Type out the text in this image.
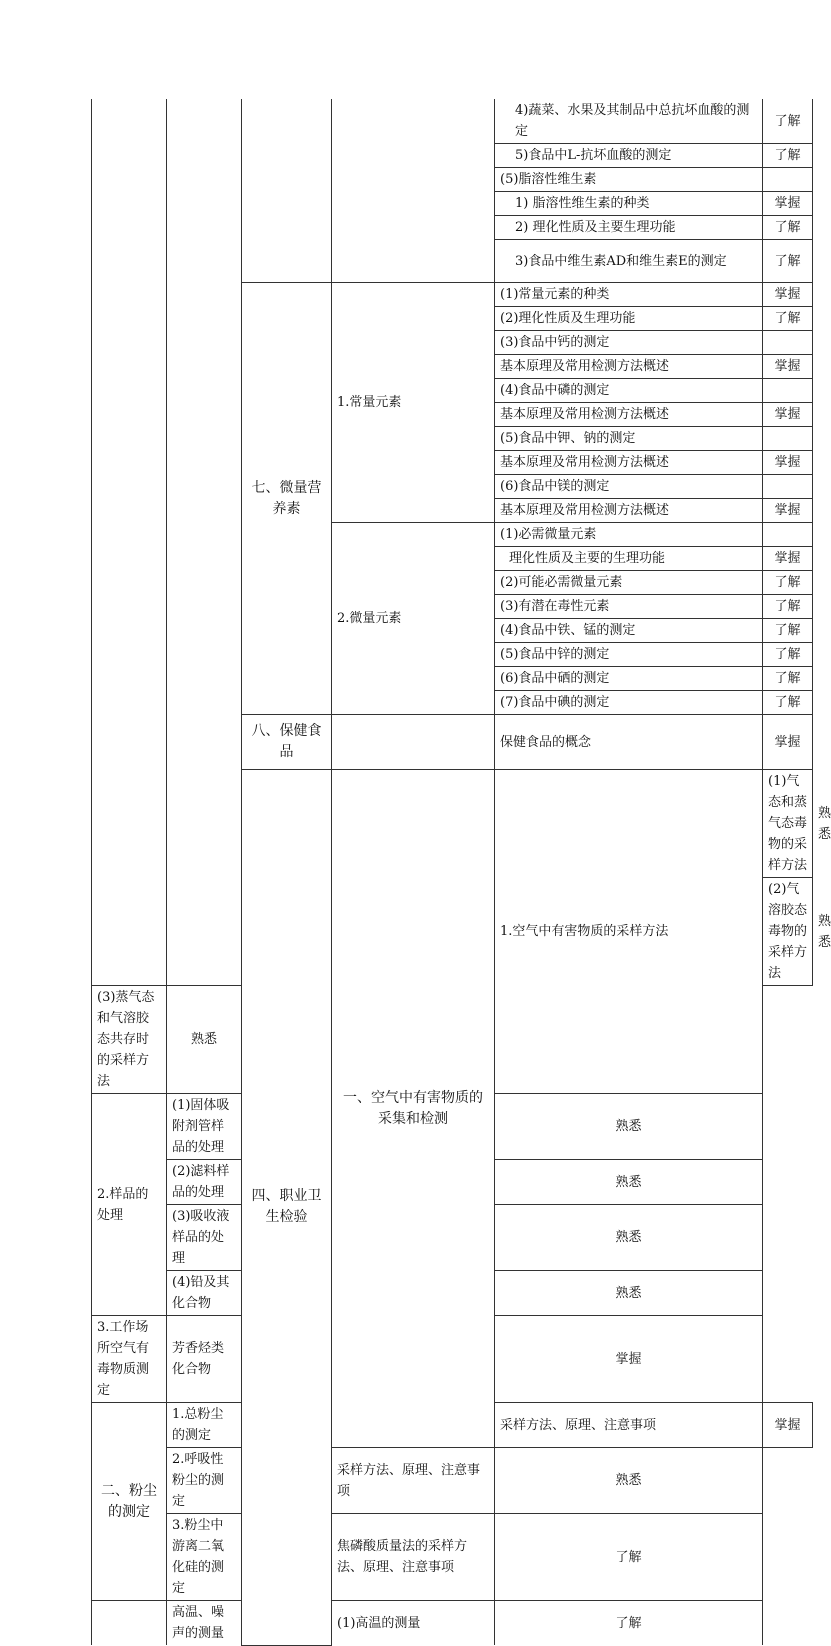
				4)蔬菜、水果及其制品中总抗坏血酸的测定	了解	
				5)食品中L-抗坏血酸的测定	了解	
				(5)脂溶性维生素		
				1) 脂溶性维生素的种类	掌握	
				2) 理化性质及主要生理功能	了解	
				3)食品中维生素AD和维生素E的测定	了解	
		七、微量营养素	1.常量元素	(1)常量元素的种类	掌握	
				(2)理化性质及生理功能	了解	
				(3)食品中钙的测定		
				基本原理及常用检测方法概述	掌握	
				(4)食品中磷的测定		
				基本原理及常用检测方法概述	掌握	
				(5)食品中钾、钠的测定		
				基本原理及常用检测方法概述	掌握	
				(6)食品中镁的测定		
				基本原理及常用检测方法概述	掌握	
			2.微量元素	(1)必需微量元素		
				理化性质及主要的生理功能	掌握	
				(2)可能必需微量元素	了解	
				(3)有潜在毒性元素	了解	
				(4)食品中铁、锰的测定	了解	
				(5)食品中锌的测定	了解	
				(6)食品中硒的测定	了解	
				(7)食品中碘的测定	了解	
		八、保健食品		保健食品的概念	掌握	
		四、职业卫生检验	一、空气中有害物质的采集和检测	1.空气中有害物质的采样方法	(1)气态和蒸气态毒物的采样方法	熟悉
					(2)气溶胶态毒物的采样方法	熟悉
(3)蒸气态和气溶胶态共存时的采样方法	熟悉					
2.样品的处理	(1)固体吸附剂管样品的处理			熟悉		
	(2)滤料样品的处理			熟悉		
	(3)吸收液样品的处理			熟悉		
	(4)铅及其化合物			熟悉		
3.工作场所空气有毒物质测定	芳香烃类化合物			掌握		
二、粉尘的测定	1.总粉尘的测定			采样方法、原理、注意事项	掌握	
	2.呼吸性粉尘的测定		采样方法、原理、注意事项	熟悉		
	3.粉尘中游离二氧化硅的测定		焦磷酸质量法的采样方法、原理、注意事项	了解		
	高温、噪声的测量		(1)高温的测量	了解		
